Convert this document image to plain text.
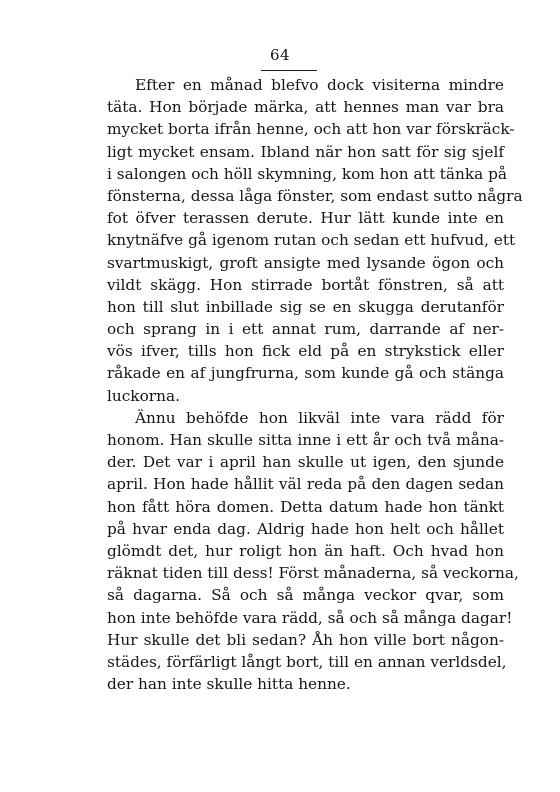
64
Efter en månad blefvo dock visiterna mindre
täta. Hon började märka, att hennes man var bra
mycket borta ifrån henne, och att hon var förskräck-
ligt mycket ensam. Ibland när hon satt för sig sjelf
i salongen och höll skymning, kom hon att tänka på
fönsterna, dessa låga fönster, som endast sutto några
fot öfver terassen derute. Hur lätt kunde inte en
knytnäfve gå igenom rutan och sedan ett hufvud, ett
svartmuskigt, groft ansigte med lysande ögon och
vildt skägg. Hon stirrade bortåt fönstren, så att
hon till slut inbillade sig se en skugga derutanför
och sprang in i ett annat rum, darrande af ner-
vös ifver, tills hon fick eld på en strykstick eller
råkade en af jungfrurna, som kunde gå och stänga
luckorna.
Ännu behöfde hon likväl inte vara rädd för
honom. Han skulle sitta inne i ett år och två måna-
der. Det var i april han skulle ut igen, den sjunde
april. Hon hade hållit väl reda på den dagen sedan
hon fått höra domen. Detta datum hade hon tänkt
på hvar enda dag. Aldrig hade hon helt och hållet
glömdt det, hur roligt hon än haft. Och hvad hon
räknat tiden till dess! Först månaderna, så veckorna,
så dagarna. Så och så många veckor qvar, som
hon inte behöfde vara rädd, så och så många dagar!
Hur skulle det bli sedan? Åh hon ville bort någon-
städes, förfärligt långt bort, till en annan verldsdel,
der han inte skulle hitta henne.
